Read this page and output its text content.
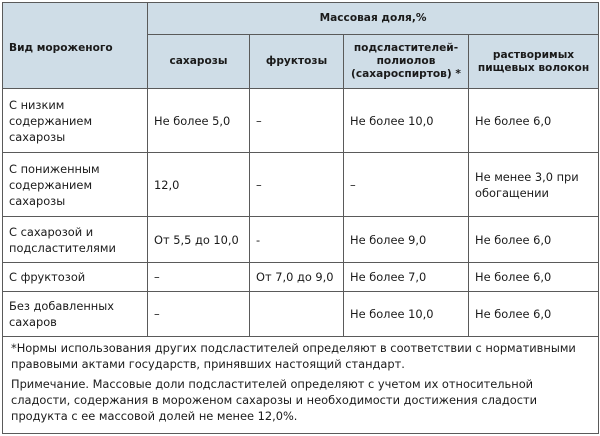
Вид мороженого	Массовая доля,%			
	сахарозы	фруктозы	подсластителей-полиолов (сахароспиртов) *	растворимых пищевых волокон
С низким содержанием сахарозы	Не более 5,0	–	Не более 10,0	Не более 6,0
С пониженным содержанием сахарозы	12,0	–	–	Не менее 3,0 при обогащении
С сахарозой и подсластителями	От 5,5 до 10,0	-	Не более 9,0	Не более 6,0
С фруктозой	–	От 7,0 до 9,0	Не более 7,0	Не более 6,0
Без добавленных сахаров	–		Не более 10,0	Не более 6,0

*Нормы использования других подсластителей определяют в соответствии с нормативными правовыми актами государств, принявших настоящий стандарт.

Примечание. Массовые доли подсластителей определяют с учетом их относительной сладости, содержания в мороженом сахарозы и необходимости достижения сладости продукта с ее массовой долей не менее 12,0%.				
